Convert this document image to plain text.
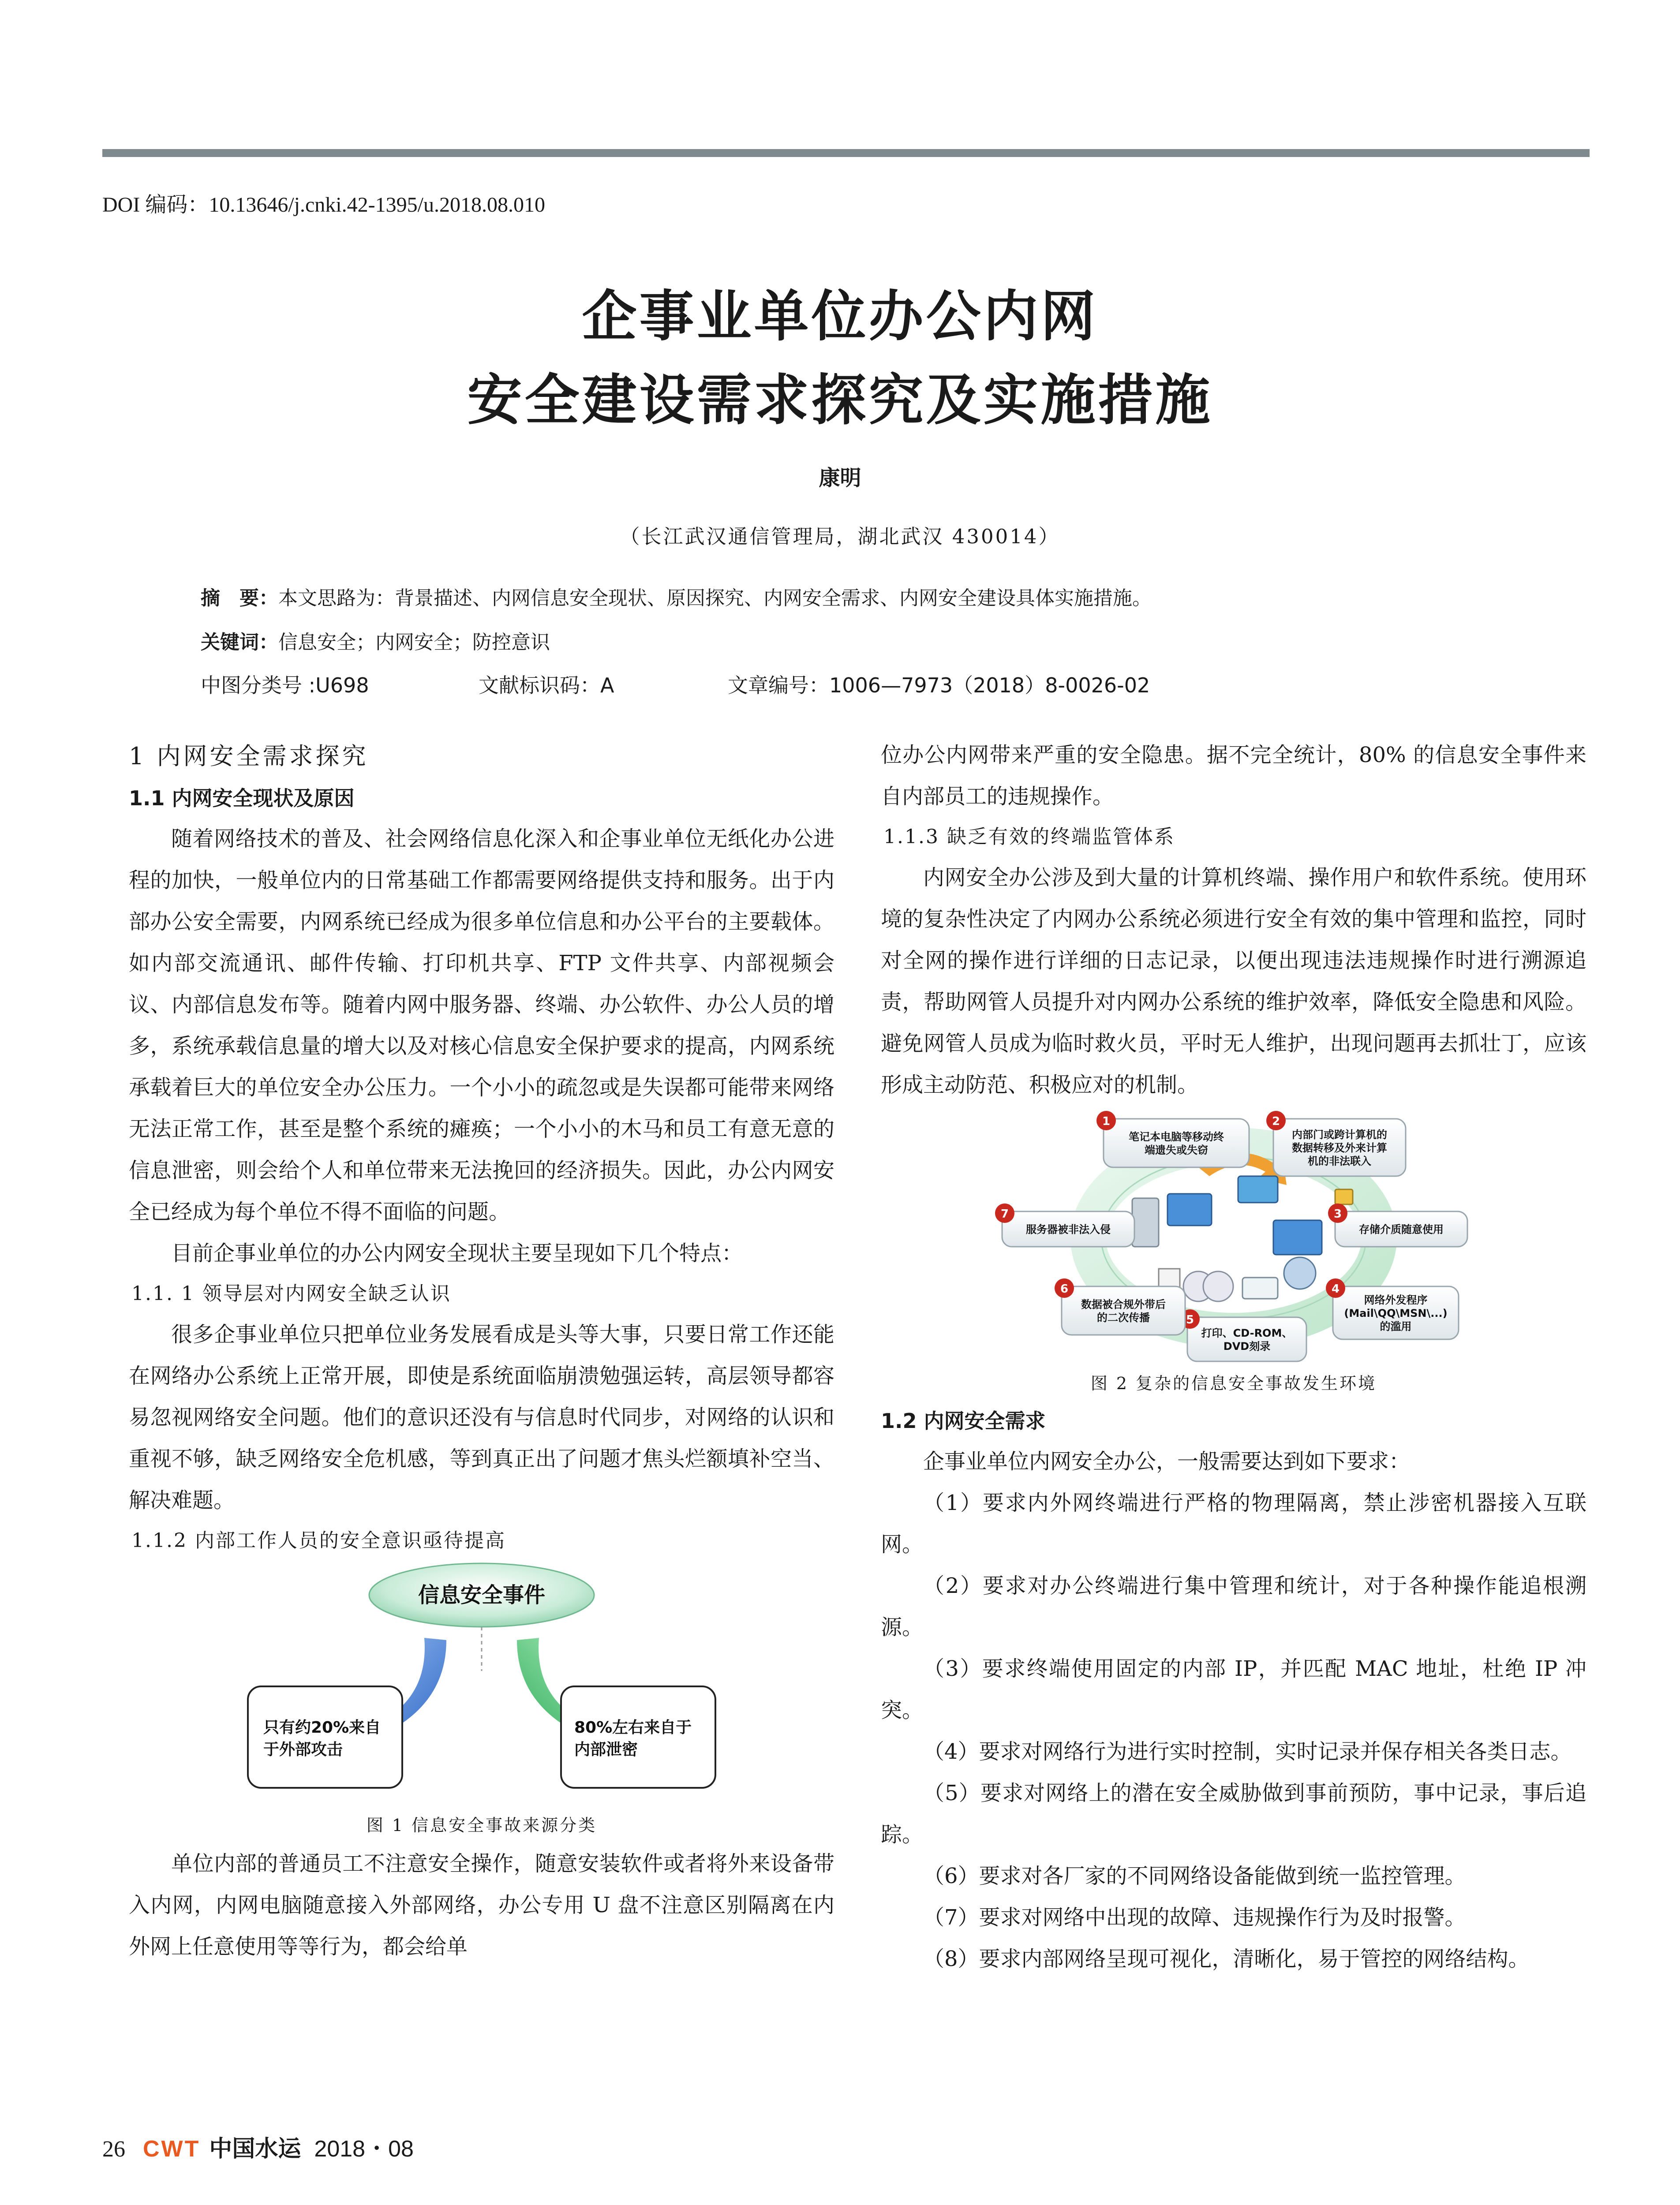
DOI 编码：10.13646/j.cnki.42-1395/u.2018.08.010
企事业单位办公内网
安全建设需求探究及实施措施
康明
（长江武汉通信管理局，湖北武汉 430014）
摘　要：本文思路为：背景描述、内网信息安全现状、原因探究、内网安全需求、内网安全建设具体实施措施。
关键词：信息安全；内网安全；防控意识
中图分类号 :U698	文献标识码：A	文章编号：1006—7973（2018）8-0026-02
1 内网安全需求探究
1.1 内网安全现状及原因

随着网络技术的普及、社会网络信息化深入和企事业单位无纸化办公进程的加快，一般单位内的日常基础工作都需要网络提供支持和服务。出于内部办公安全需要，内网系统已经成为很多单位信息和办公平台的主要载体。如内部交流通讯、邮件传输、打印机共享、FTP 文件共享、内部视频会议、内部信息发布等。随着内网中服务器、终端、办公软件、办公人员的增多，系统承载信息量的增大以及对核心信息安全保护要求的提高，内网系统承载着巨大的单位安全办公压力。一个小小的疏忽或是失误都可能带来网络无法正常工作，甚至是整个系统的瘫痪；一个小小的木马和员工有意无意的信息泄密，则会给个人和单位带来无法挽回的经济损失。因此，办公内网安全已经成为每个单位不得不面临的问题。

目前企事业单位的办公内网安全现状主要呈现如下几个特点：

1.1. 1 领导层对内网安全缺乏认识

很多企事业单位只把单位业务发展看成是头等大事，只要日常工作还能在网络办公系统上正常开展，即使是系统面临崩溃勉强运转，高层领导都容易忽视网络安全问题。他们的意识还没有与信息时代同步，对网络的认识和重视不够，缺乏网络安全危机感，等到真正出了问题才焦头烂额填补空当、解决难题。

1.1.2 内部工作人员的安全意识亟待提高
信息安全事件
只有约20%来自
于外部攻击
80%左右来自于
内部泄密
图 1 信息安全事故来源分类

单位内部的普通员工不注意安全操作，随意安装软件或者将外来设备带入内网，内网电脑随意接入外部网络，办公专用 U 盘不注意区别隔离在内外网上任意使用等等行为，都会给单

位办公内网带来严重的安全隐患。据不完全统计，80% 的信息安全事件来自内部员工的违规操作。

1.1.3 缺乏有效的终端监管体系

内网安全办公涉及到大量的计算机终端、操作用户和软件系统。使用环境的复杂性决定了内网办公系统必须进行安全有效的集中管理和监控，同时对全网的操作进行详细的日志记录，以便出现违法违规操作时进行溯源追责，帮助网管人员提升对内网办公系统的维护效率，降低安全隐患和风险。避免网管人员成为临时救火员，平时无人维护，出现问题再去抓壮丁，应该形成主动防范、积极应对的机制。

1
笔记本电脑等移动终
端遗失或失窃
2
内部门或跨计算机的
数据转移及外来计算
机的非法联入
3
存储介质随意使用
4
网络外发程序
(Mail\QQ\MSN\...)
的滥用
5
打印、CD-ROM、
DVD刻录
6
数据被合规外带后
的二次传播
7
服务器被非法入侵
图 2 复杂的信息安全事故发生环境
1.2 内网安全需求

企事业单位内网安全办公，一般需要达到如下要求：

（1）要求内外网终端进行严格的物理隔离，禁止涉密机器接入互联网。

（2）要求对办公终端进行集中管理和统计，对于各种操作能追根溯源。

（3）要求终端使用固定的内部 IP，并匹配 MAC 地址，杜绝 IP 冲突。

（4）要求对网络行为进行实时控制，实时记录并保存相关各类日志。

（5）要求对网络上的潜在安全威胁做到事前预防，事中记录，事后追踪。

（6）要求对各厂家的不同网络设备能做到统一监控管理。

（7）要求对网络中出现的故障、违规操作行为及时报警。

（8）要求内部网络呈现可视化，清晰化，易于管控的网络结构。

26 CWT 中国水运 2018・08
